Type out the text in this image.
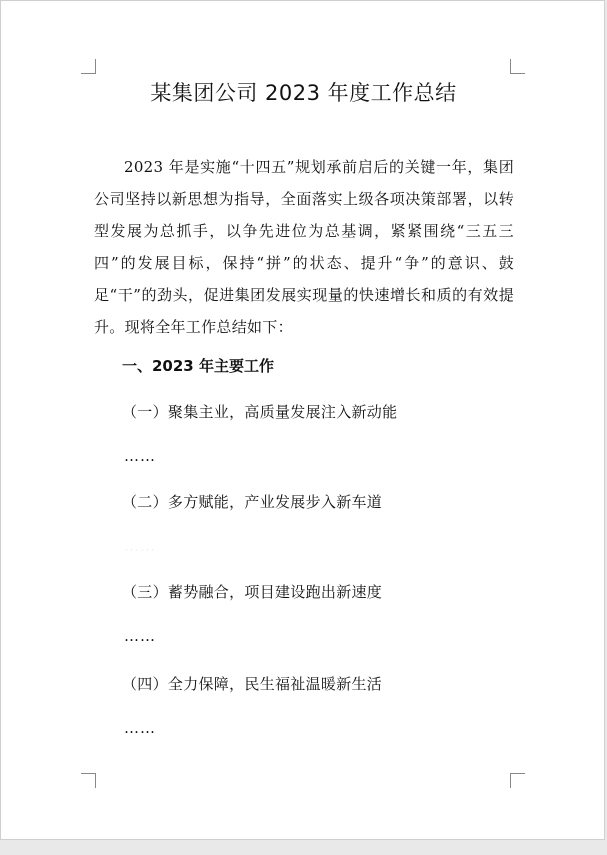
某集团公司 2023 年度工作总结

2023 年是实施“十四五”规划承前启后的关键一年，集团公司坚持以新思想为指导，全面落实上级各项决策部署，以转型发展为总抓手，以争先进位为总基调，紧紧围绕“三五三四”的发展目标，保持“拼”的状态、提升“争”的意识、鼓足“干”的劲头，促进集团发展实现量的快速增长和质的有效提升。现将全年工作总结如下：

一、2023 年主要工作

（一）聚集主业，高质量发展注入新动能

……

（二）多方赋能，产业发展步入新车道

……

（三）蓄势融合，项目建设跑出新速度

……

（四）全力保障，民生福祉温暖新生活

……
